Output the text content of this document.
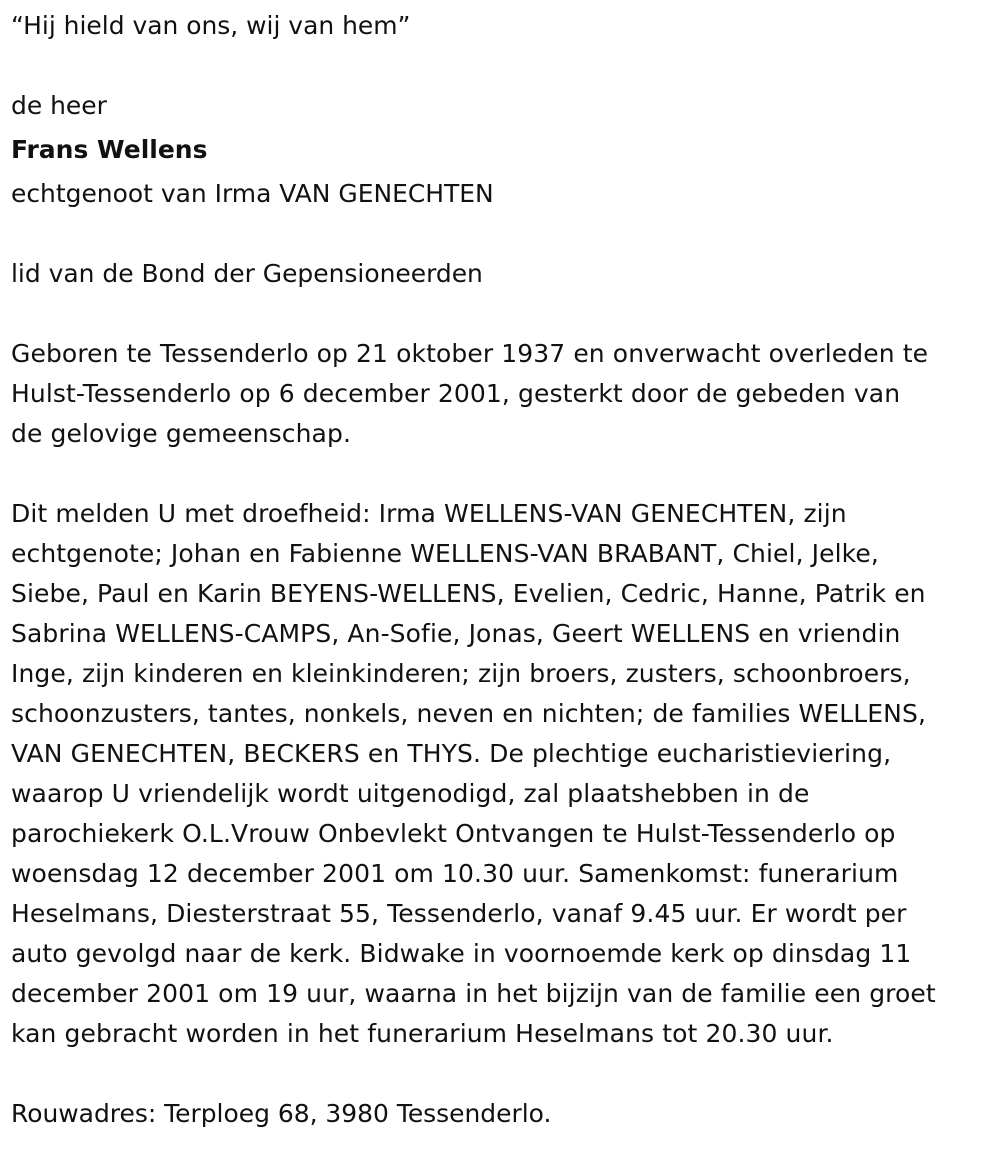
“Hij hield van ons, wij van hem”

de heer

Frans Wellens

echtgenoot van Irma VAN GENECHTEN

lid van de Bond der Gepensioneerden

Geboren te Tessenderlo op 21 oktober 1937 en onverwacht overleden te

Hulst-Tessenderlo op 6 december 2001, gesterkt door de gebeden van

de gelovige gemeenschap.

Dit melden U met droefheid: Irma WELLENS-VAN GENECHTEN, zijn

echtgenote; Johan en Fabienne WELLENS-VAN BRABANT, Chiel, Jelke,

Siebe, Paul en Karin BEYENS-WELLENS, Evelien, Cedric, Hanne, Patrik en

Sabrina WELLENS-CAMPS, An-Sofie, Jonas, Geert WELLENS en vriendin

Inge, zijn kinderen en kleinkinderen; zijn broers, zusters, schoonbroers,

schoonzusters, tantes, nonkels, neven en nichten; de families WELLENS,

VAN GENECHTEN, BECKERS en THYS. De plechtige eucharistieviering,

waarop U vriendelijk wordt uitgenodigd, zal plaatshebben in de

parochiekerk O.L.Vrouw Onbevlekt Ontvangen te Hulst-Tessenderlo op

woensdag 12 december 2001 om 10.30 uur. Samenkomst: funerarium

Heselmans, Diesterstraat 55, Tessenderlo, vanaf 9.45 uur. Er wordt per

auto gevolgd naar de kerk. Bidwake in voornoemde kerk op dinsdag 11

december 2001 om 19 uur, waarna in het bijzijn van de familie een groet

kan gebracht worden in het funerarium Heselmans tot 20.30 uur.

Rouwadres: Terploeg 68, 3980 Tessenderlo.
